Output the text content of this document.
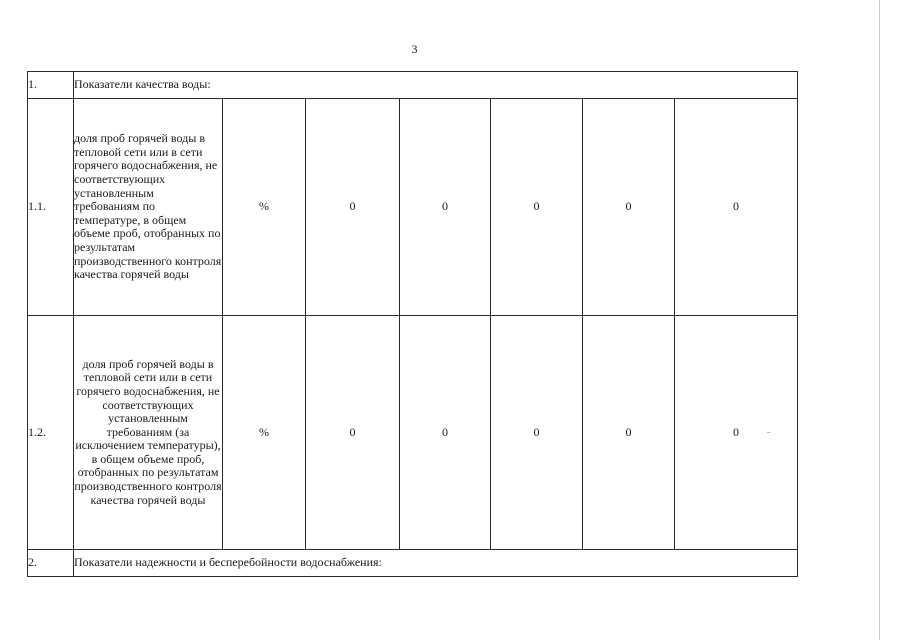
3
1.	Показатели качества воды:						
1.1.	доля проб горячей воды в тепловой сети или в сети горячего водоснабжения, не соответствующих установленным требованиям по температуре, в общем объеме проб, отобранных по результатам производственного контроля качества горячей воды	%	0	0	0	0	0
1.2.	доля проб горячей воды в тепловой сети или в сети горячего водоснабжения, не соответствующих установленным требованиям (за исключением температуры), в общем объеме проб, отобранных по результатам производственного контроля качества горячей воды	%	0	0	0	0	0
2.	Показатели надежности и бесперебойности водоснабжения:						
